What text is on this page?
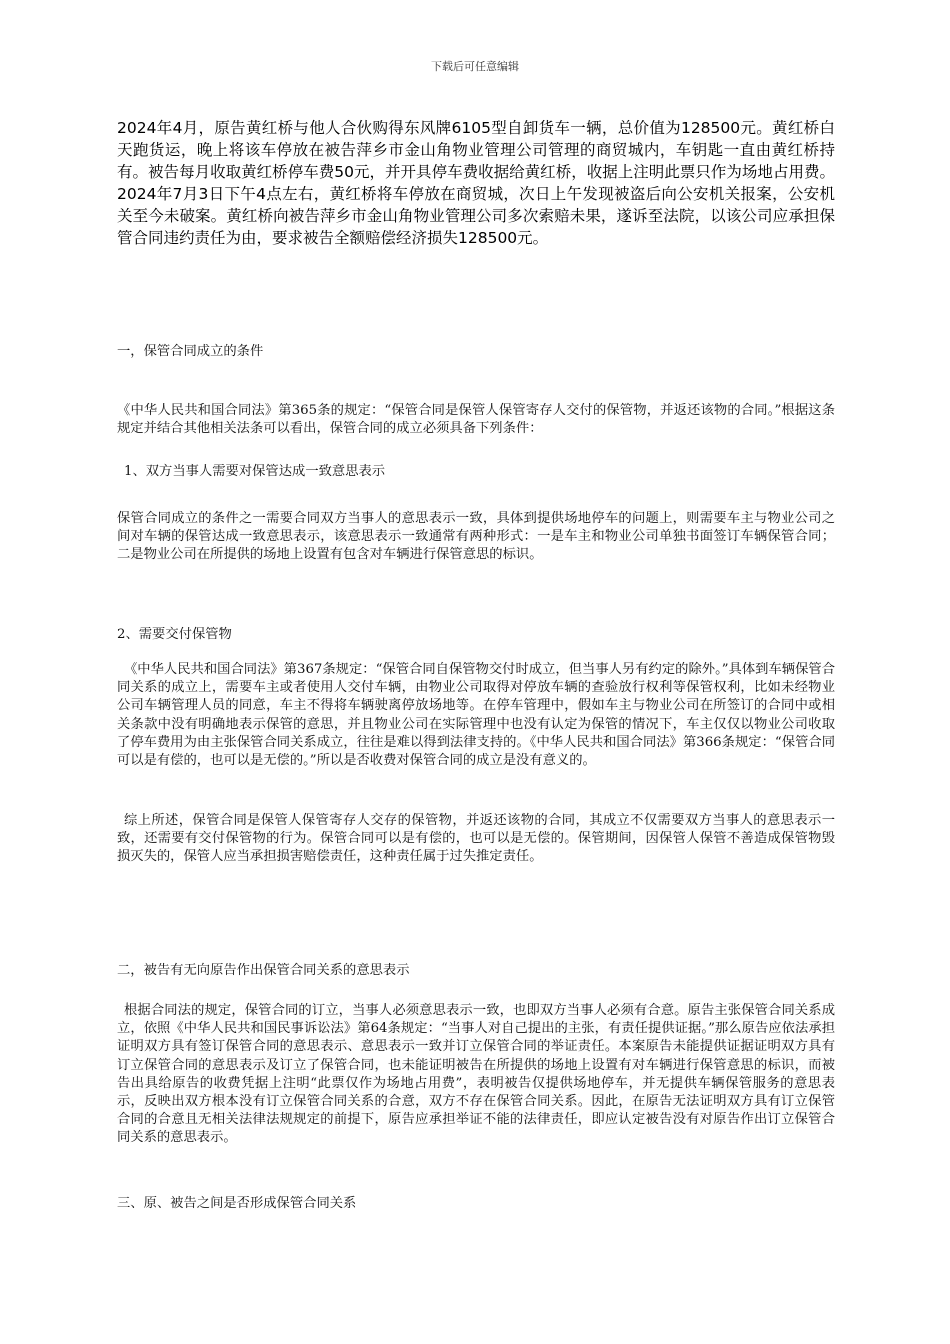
下载后可任意编辑

2024年4月，原告黄红桥与他人合伙购得东风牌6105型自卸货车一辆，总价值为128500元。黄红桥白天跑货运，晚上将该车停放在被告萍乡市金山角物业管理公司管理的商贸城内，车钥匙一直由黄红桥持有。被告每月收取黄红桥停车费50元，并开具停车费收据给黄红桥，收据上注明此票只作为场地占用费。2024年7月3日下午4点左右，黄红桥将车停放在商贸城，次日上午发现被盗后向公安机关报案，公安机关至今未破案。黄红桥向被告萍乡市金山角物业管理公司多次索赔未果，遂诉至法院，以该公司应承担保管合同违约责任为由，要求被告全额赔偿经济损失128500元。

一，保管合同成立的条件

《中华人民共和国合同法》第365条的规定：“保管合同是保管人保管寄存人交付的保管物，并返还该物的合同。”根据这条规定并结合其他相关法条可以看出，保管合同的成立必须具备下列条件：

1、双方当事人需要对保管达成一致意思表示

保管合同成立的条件之一需要合同双方当事人的意思表示一致，具体到提供场地停车的问题上，则需要车主与物业公司之间对车辆的保管达成一致意思表示，该意思表示一致通常有两种形式：一是车主和物业公司单独书面签订车辆保管合同；二是物业公司在所提供的场地上设置有包含对车辆进行保管意思的标识。

2、需要交付保管物

《中华人民共和国合同法》第367条规定：“保管合同自保管物交付时成立，但当事人另有约定的除外。”具体到车辆保管合同关系的成立上，需要车主或者使用人交付车辆，由物业公司取得对停放车辆的查验放行权利等保管权利，比如未经物业公司车辆管理人员的同意，车主不得将车辆驶离停放场地等。在停车管理中，假如车主与物业公司在所签订的合同中或相关条款中没有明确地表示保管的意思，并且物业公司在实际管理中也没有认定为保管的情况下，车主仅仅以物业公司收取了停车费用为由主张保管合同关系成立，往往是难以得到法律支持的。《中华人民共和国合同法》第366条规定：“保管合同可以是有偿的，也可以是无偿的。”所以是否收费对保管合同的成立是没有意义的。

综上所述，保管合同是保管人保管寄存人交存的保管物，并返还该物的合同，其成立不仅需要双方当事人的意思表示一致，还需要有交付保管物的行为。保管合同可以是有偿的，也可以是无偿的。保管期间，因保管人保管不善造成保管物毁损灭失的，保管人应当承担损害赔偿责任，这种责任属于过失推定责任。

二，被告有无向原告作出保管合同关系的意思表示

根据合同法的规定，保管合同的订立，当事人必须意思表示一致，也即双方当事人必须有合意。原告主张保管合同关系成立，依照《中华人民共和国民事诉讼法》第64条规定：“当事人对自己提出的主张，有责任提供证据。”那么原告应依法承担证明双方具有签订保管合同的意思表示、意思表示一致并订立保管合同的举证责任。本案原告未能提供证据证明双方具有订立保管合同的意思表示及订立了保管合同，也未能证明被告在所提供的场地上设置有对车辆进行保管意思的标识，而被告出具给原告的收费凭据上注明“此票仅作为场地占用费”，表明被告仅提供场地停车，并无提供车辆保管服务的意思表示，反映出双方根本没有订立保管合同关系的合意，双方不存在保管合同关系。因此，在原告无法证明双方具有订立保管合同的合意且无相关法律法规规定的前提下，原告应承担举证不能的法律责任，即应认定被告没有对原告作出订立保管合同关系的意思表示。

三、原、被告之间是否形成保管合同关系
